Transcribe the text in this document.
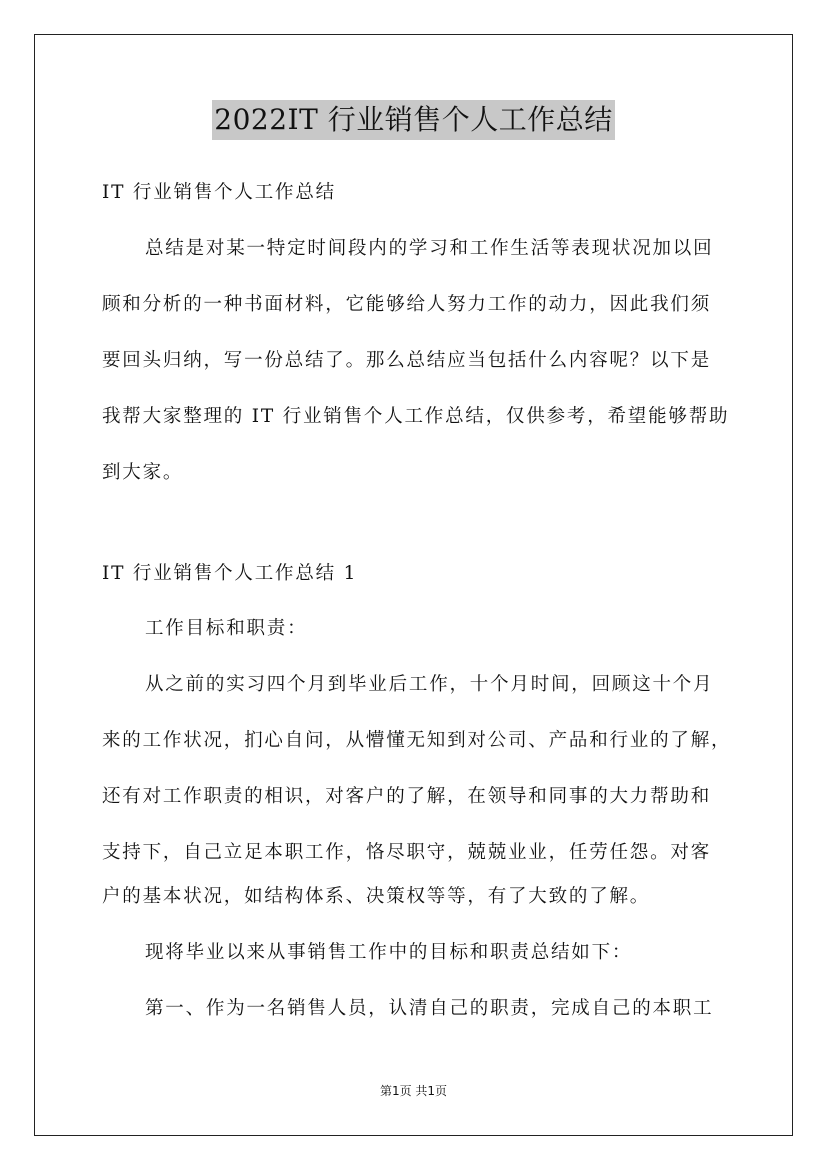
2022IT 行业销售个人工作总结
IT 行业销售个人工作总结
总结是对某一特定时间段内的学习和工作生活等表现状况加以回
顾和分析的一种书面材料，它能够给人努力工作的动力，因此我们须
要回头归纳，写一份总结了。那么总结应当包括什么内容呢？以下是
我帮大家整理的 IT 行业销售个人工作总结，仅供参考，希望能够帮助
到大家。
IT 行业销售个人工作总结 1
工作目标和职责：
从之前的实习四个月到毕业后工作，十个月时间，回顾这十个月
来的工作状况，扪心自问，从懵懂无知到对公司、产品和行业的了解，
还有对工作职责的相识，对客户的了解，在领导和同事的大力帮助和
支持下，自己立足本职工作，恪尽职守，兢兢业业，任劳任怨。对客
户的基本状况，如结构体系、决策权等等，有了大致的了解。
现将毕业以来从事销售工作中的目标和职责总结如下：
第一、作为一名销售人员，认清自己的职责，完成自己的本职工
第1页 共1页
